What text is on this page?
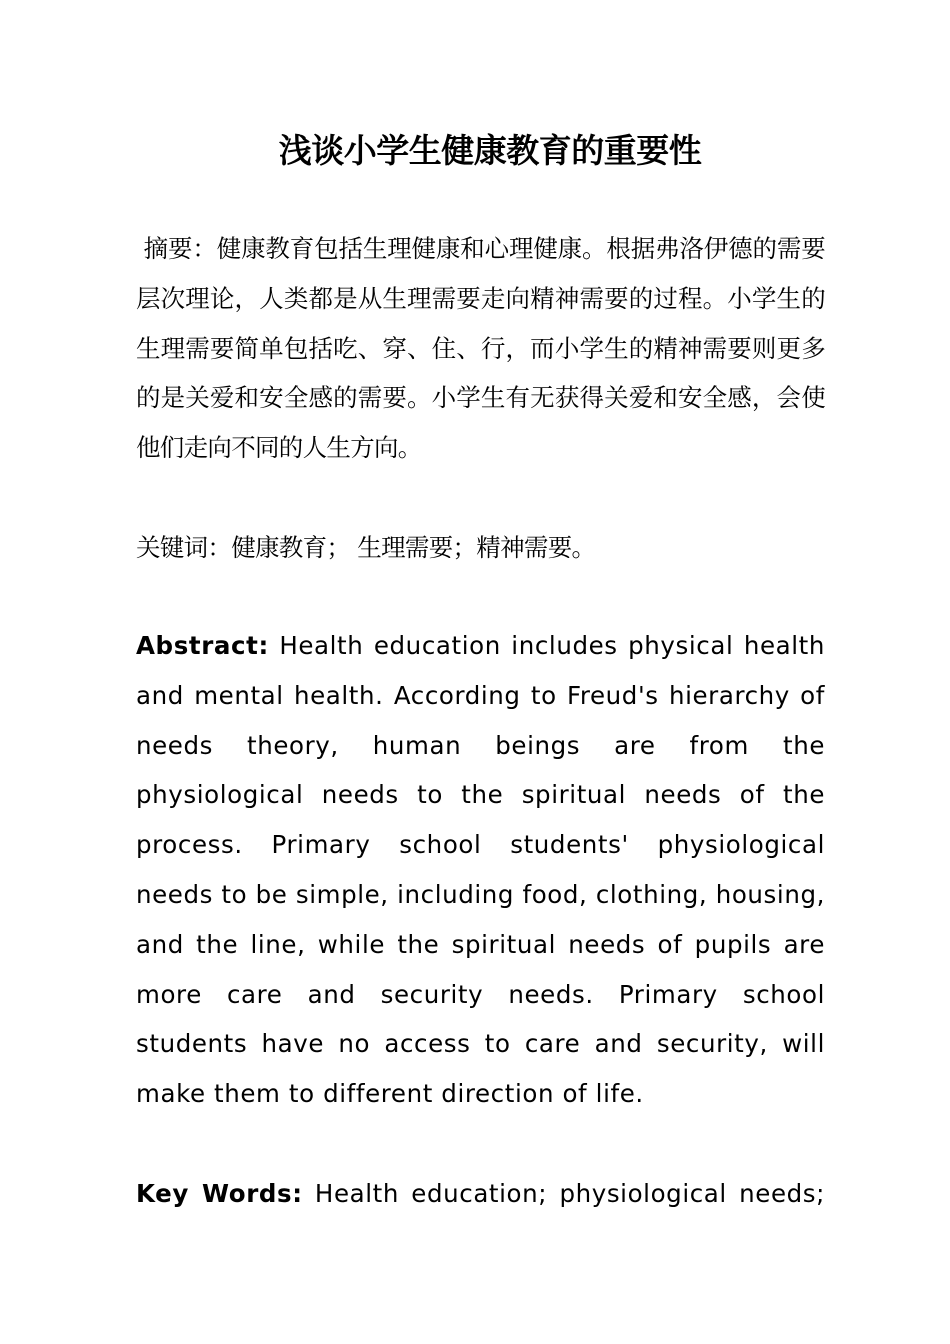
浅谈小学生健康教育的重要性

摘要：健康教育包括生理健康和心理健康。根据弗洛伊德的需要层次理论，人类都是从生理需要走向精神需要的过程。小学生的生理需要简单包括吃、穿、住、行，而小学生的精神需要则更多的是关爱和安全感的需要。小学生有无获得关爱和安全感，会使他们走向不同的人生方向。

关键词：健康教育； 生理需要；精神需要。

Abstract: Health education includes physical health and mental health. According to Freud's hierarchy of needs theory, human beings are from the physiological needs to the spiritual needs of the process. Primary school students' physiological needs to be simple, including food, clothing, housing, and the line, while the spiritual needs of pupils are more care and security needs. Primary school students have no access to care and security, will make them to different direction of life.

Key Words: Health education; physiological needs;
